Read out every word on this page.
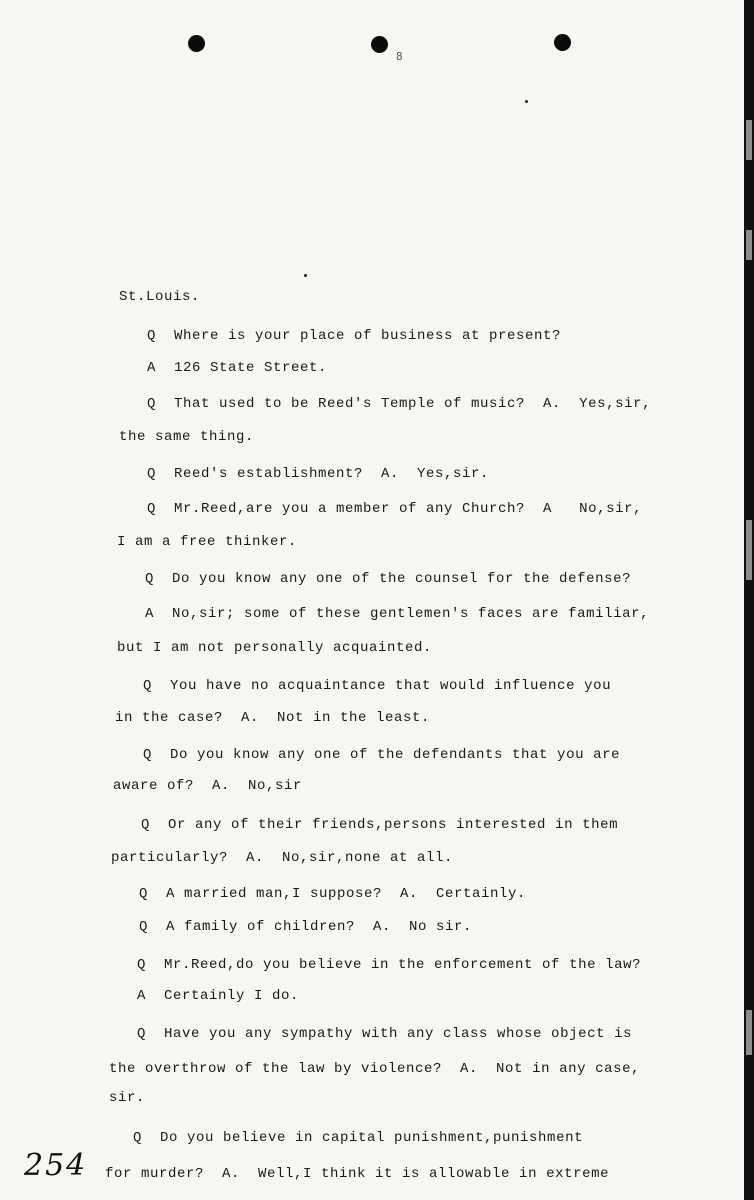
8
St.Louis.
Q  Where is your place of business at present?
A  126 State Street.
Q  That used to be Reed's Temple of music?  A.  Yes,sir,
the same thing.
Q  Reed's establishment?  A.  Yes,sir.
Q  Mr.Reed,are you a member of any Church?  A   No,sir,
I am a free thinker.
Q  Do you know any one of the counsel for the defense?
A  No,sir; some of these gentlemen's faces are familiar,
but I am not personally acquainted.
Q  You have no acquaintance that would influence you
in the case?  A.  Not in the least.
Q  Do you know any one of the defendants that you are
aware of?  A.  No,sir
Q  Or any of their friends,persons interested in them
particularly?  A.  No,sir,none at all.
Q  A married man,I suppose?  A.  Certainly.
Q  A family of children?  A.  No sir.
Q  Mr.Reed,do you believe in the enforcement of the law?
A  Certainly I do.
Q  Have you any sympathy with any class whose object is
the overthrow of the law by violence?  A.  Not in any case,
sir.
Q  Do you believe in capital punishment,punishment
for murder?  A.  Well,I think it is allowable in extreme
254
